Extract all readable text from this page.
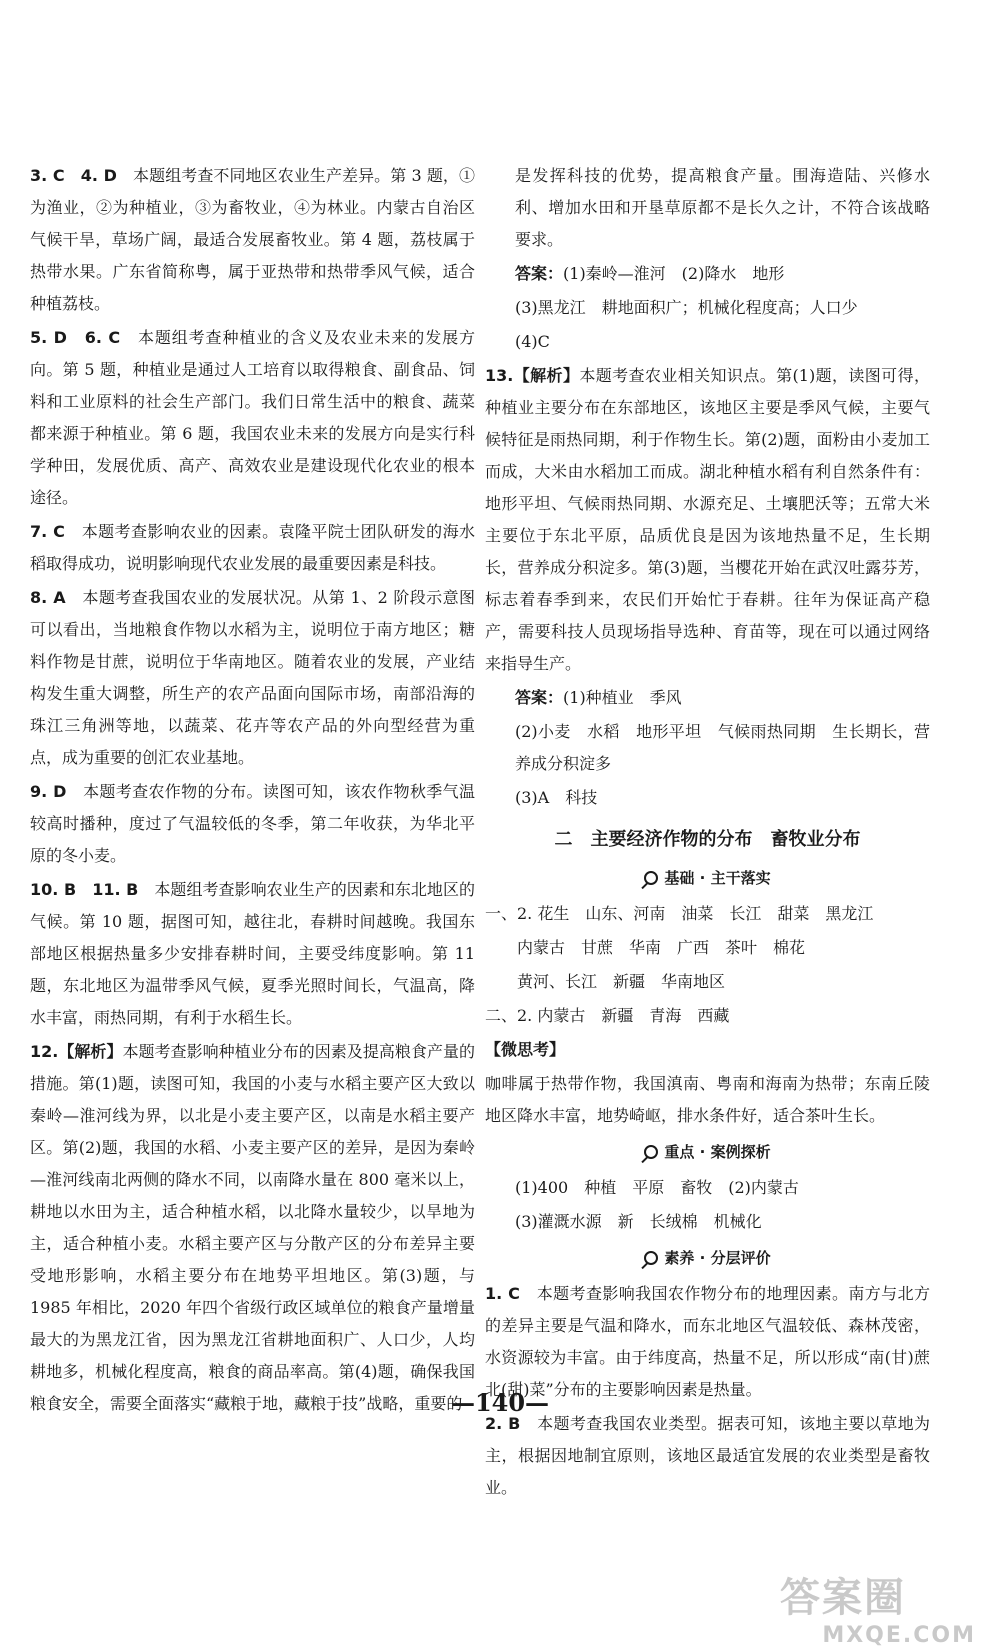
3. C　4. D　本题组考查不同地区农业生产差异。第 3 题，①为渔业，②为种植业，③为畜牧业，④为林业。内蒙古自治区气候干旱，草场广阔，最适合发展畜牧业。第 4 题，荔枝属于热带水果。广东省简称粤，属于亚热带和热带季风气候，适合种植荔枝。

5. D　6. C　本题组考查种植业的含义及农业未来的发展方向。第 5 题，种植业是通过人工培育以取得粮食、副食品、饲料和工业原料的社会生产部门。我们日常生活中的粮食、蔬菜都来源于种植业。第 6 题，我国农业未来的发展方向是实行科学种田，发展优质、高产、高效农业是建设现代化农业的根本途径。

7. C　本题考查影响农业的因素。袁隆平院士团队研发的海水稻取得成功，说明影响现代农业发展的最重要因素是科技。

8. A　本题考查我国农业的发展状况。从第 1、2 阶段示意图可以看出，当地粮食作物以水稻为主，说明位于南方地区；糖料作物是甘蔗，说明位于华南地区。随着农业的发展，产业结构发生重大调整，所生产的农产品面向国际市场，南部沿海的珠江三角洲等地，以蔬菜、花卉等农产品的外向型经营为重点，成为重要的创汇农业基地。

9. D　本题考查农作物的分布。读图可知，该农作物秋季气温较高时播种，度过了气温较低的冬季，第二年收获，为华北平原的冬小麦。

10. B　11. B　本题组考查影响农业生产的因素和东北地区的气候。第 10 题，据图可知，越往北，春耕时间越晚。我国东部地区根据热量多少安排春耕时间，主要受纬度影响。第 11 题，东北地区为温带季风气候，夏季光照时间长，气温高，降水丰富，雨热同期，有利于水稻生长。

12.【解析】本题考查影响种植业分布的因素及提高粮食产量的措施。第(1)题，读图可知，我国的小麦与水稻主要产区大致以秦岭—淮河线为界，以北是小麦主要产区，以南是水稻主要产区。第(2)题，我国的水稻、小麦主要产区的差异，是因为秦岭—淮河线南北两侧的降水不同，以南降水量在 800 毫米以上，耕地以水田为主，适合种植水稻，以北降水量较少，以旱地为主，适合种植小麦。水稻主要产区与分散产区的分布差异主要受地形影响，水稻主要分布在地势平坦地区。第(3)题，与 1985 年相比，2020 年四个省级行政区域单位的粮食产量增量最大的为黑龙江省，因为黑龙江省耕地面积广、人口少，人均耕地多，机械化程度高，粮食的商品率高。第(4)题，确保我国粮食安全，需要全面落实“藏粮于地，藏粮于技”战略，重要的

是发挥科技的优势，提高粮食产量。围海造陆、兴修水利、增加水田和开垦草原都不是长久之计，不符合该战略要求。

答案：(1)秦岭—淮河　(2)降水　地形

(3)黑龙江　耕地面积广；机械化程度高；人口少

(4)C

13.【解析】本题考查农业相关知识点。第(1)题，读图可得，种植业主要分布在东部地区，该地区主要是季风气候，主要气候特征是雨热同期，利于作物生长。第(2)题，面粉由小麦加工而成，大米由水稻加工而成。湖北种植水稻有利自然条件有：地形平坦、气候雨热同期、水源充足、土壤肥沃等；五常大米主要位于东北平原，品质优良是因为该地热量不足，生长期长，营养成分积淀多。第(3)题，当樱花开始在武汉吐露芬芳，标志着春季到来，农民们开始忙于春耕。往年为保证高产稳产，需要科技人员现场指导选种、育苗等，现在可以通过网络来指导生产。

答案：(1)种植业　季风

(2)小麦　水稻　地形平坦　气候雨热同期　生长期长，营养成分积淀多

(3)A　科技

二　主要经济作物的分布　畜牧业分布
基础 · 主干落实

一、2. 花生　山东、河南　油菜　长江　甜菜　黑龙江

内蒙古　甘蔗　华南　广西　茶叶　棉花

黄河、长江　新疆　华南地区

二、2. 内蒙古　新疆　青海　西藏

【微思考】

咖啡属于热带作物，我国滇南、粤南和海南为热带；东南丘陵地区降水丰富，地势崎岖，排水条件好，适合茶叶生长。

重点 · 案例探析

(1)400　种植　平原　畜牧　(2)内蒙古

(3)灌溉水源　新　长绒棉　机械化

素养 · 分层评价

1. C　本题考查影响我国农作物分布的地理因素。南方与北方的差异主要是气温和降水，而东北地区气温较低、森林茂密，水资源较为丰富。由于纬度高，热量不足，所以形成“南(甘)蔗北(甜)菜”分布的主要影响因素是热量。

2. B　本题考查我国农业类型。据表可知，该地主要以草地为主，根据因地制宜原则，该地区最适宜发展的农业类型是畜牧业。

—140—
答案圈
MXQE.COM
